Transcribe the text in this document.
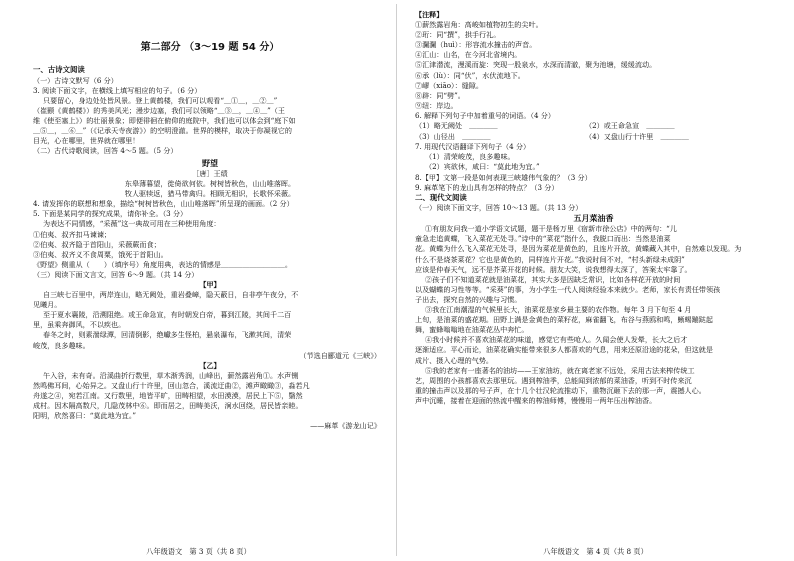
第二部分 （3～19 题 54 分）
一、古诗文阅读
（一）古诗文默写（6 分）
3. 阅读下面文字，在横线上填写相应的句子。（6 分）
只要留心，身边处处皆风景。登上黄鹤楼，我们可以观看“＿①＿，＿②＿”
（崔颢《黄鹤楼》）的秀美风光；漫步边塞，我们可以领略“＿③＿，＿④＿”（王
维《使至塞上》）的壮丽景象；即便徘徊在俯仰的庭院中，我们也可以体会到“庭下如
＿⑤＿，＿⑥＿”（《记承天寺夜游》）的空明澄澈。世界的模样，取决于你凝视它的
目光，心在哪里，世界就在哪里！
（二）古代诗歌阅读，回答 4～5 题。（5 分）
野望
［唐］王绩
东皋薄暮望，徙倚欲何依。树树皆秋色，山山唯落晖。
牧人驱犊返，猎马带禽归。相顾无相识，长歌怀采薇。
4. 请发挥你的联想和想象，描绘“树树皆秋色，山山唯落晖”所呈现的画面。（2 分）
5. 下面是某同学的探究成果，请你补全。（3 分）
为表达不同情感，“采薇”这一典故可用在三种使用角度：
①伯夷、叔齐扣马谏谏；
②伯夷、叔齐隐于首阳山，采薇蕨而食；
③伯夷、叔齐义不食周粟，饿死于首阳山。
《野望》侧重从（　　）（填序号）角度用典，表达的情感是＿＿＿＿＿＿＿＿＿。
（三）阅读下面文言文，回答 6～9 题。（共 14 分）
【甲】
自三峡七百里中，两岸连山，略无阙处，重岩叠嶂，隐天蔽日，自非亭午夜分，不
见曦月。
至于夏水襄陵，沿溯阻绝。或王命急宣，有时朝发白帝，暮到江陵，其间千二百
里，虽乘奔御风，不以疾也。
春冬之时，则素湍绿潭，回清倒影，绝巘多生怪柏，悬泉瀑布，飞漱其间，清荣
峻茂，良多趣味。
（节选自郦道元《三峡》）
【乙】
午入谷，未有奇。沿溪曲折行数里，草木渐秀润，山峰出，薪然露岩角①。水声铏
然鸣佛耳间，心始异之。又盘山行十许里，回山忽合，溪流迂曲②，滩声瞰瞰③，淼若凡
舟遂之④，宛若江南。又行数里，地皆平旷，田畴相望，水田漠漠，居民上下⑤，翳然
成村。因木隔高数尺，几隐茂林中⑥。即而居之，田畴美沃，涧水回绕，居民皆亲睦。
阳明，欣然喜曰：“莫此地为宜。”
——麻革《游龙山记》
八年级语文　第 3 页（共 8 页）
【注释】
①薪然露岩角：高峻如植物初生的尖叶。
②珩：同“撰”，拱手行礼。
③瀾瀾（huì）：形容流水撞击的声音。
④汇山：山名，在今河北省境内。
⑤汇津潜流，漫溪而旋：突现一股泉水，水深而清澈，聚为池塘，缓缓流动。
⑥承（lù）：同“伏”，水伏流地下。
⑦嵺（xiāo）：缝隙。
⑧辟：同“劈”。
⑨纽：岸边。
6. 解释下列句子中加着重号的词语。（4 分）
（1）略无阙处　＿＿＿＿	（2）或王命急宣　＿＿＿＿
（3）山径出　＿＿＿＿	（4）又盘山行十许里　＿＿＿＿
7. 用现代汉语翻译下列句子（4 分）
（1）清荣峻茂，良多趣味。
（2）宾欲休，咸曰：“莫此地为宜。”
8.【甲】文第一段是如何表现三峡雄伟气象的？（3 分）
9. 麻革笔下的龙山具有怎样的特点？（3 分）
二、现代文阅读
（一）阅读下面文字，回答 10～13 题。（共 13 分）
五月菜油香
①有朋友问我一道小学语文试题，题干是杨万里《宿新市徐公店》中的两句：“儿
童急走追黄蝶，飞入菜花无处寻。”诗中的“菜花”指什么，我脱口而出：当然是油菜
花。黄蝶为什么飞入菜花无处寻，是因为菜花是黄色的，且连片开放，黄蝶藏入其中，自然难以发现。为
什么不是烧茶菜花？它也是黄色的，同样连片开花。”我说时间不对，“村头新绿未成阴”
应该是仲春天气，远不是芥菜开花的时候。朋友大笑，说我想得太深了，答案太牢靠了。
②孩子们不知道菜花就是油菜花，其实大多是因缺乏常识，比如各样花开放的时间
以及蝴蝶的习性等等。“采葵”的事，为小学生一代人阅读经验本来就少。老师，家长有责任带领孩
子出去，探究自然的兴趣与习惯。
③我在江南潮湿的气候里长大，油菜花是家乡最主要的农作物。每年 3 月下旬至 4 月
上旬，是油菜的盛花期。田野上满是金黄色的菜籽花，麻雀翻飞，布谷与燕鸥和鸣，蜥蜴蹦跶起
舞，蜜蜂嗡嗡地在油菜花丛中奔忙。
④我小时候并不喜欢油菜花的味道，感觉它有些呛人。久闻会使人发晕，长大之后才
逐渐适应。平心而论，油菜花确实能带来很多人都喜欢的气息，用来还原沿途的花朵，但这就是
成片、摄入心理的气势。
⑤我的老家有一座著名的油坊——王家油坊，就在离老家不远处，采用古法来榨传统工
艺，周围的小孩都喜欢去那里玩。遇到榨油季，总能闻到浓郁的菜油香，听到不时传来沉
重的撞击声以及那的号子声，在十几个壮汉轮流推动下，重物沉砸下去的那一声，震撼人心。
声中沉睡，接着在迎面的热流中醒来的榨油师傅，慢慢用一两年压出榨油香。
八年级语文　第 4 页（共 8 页）
